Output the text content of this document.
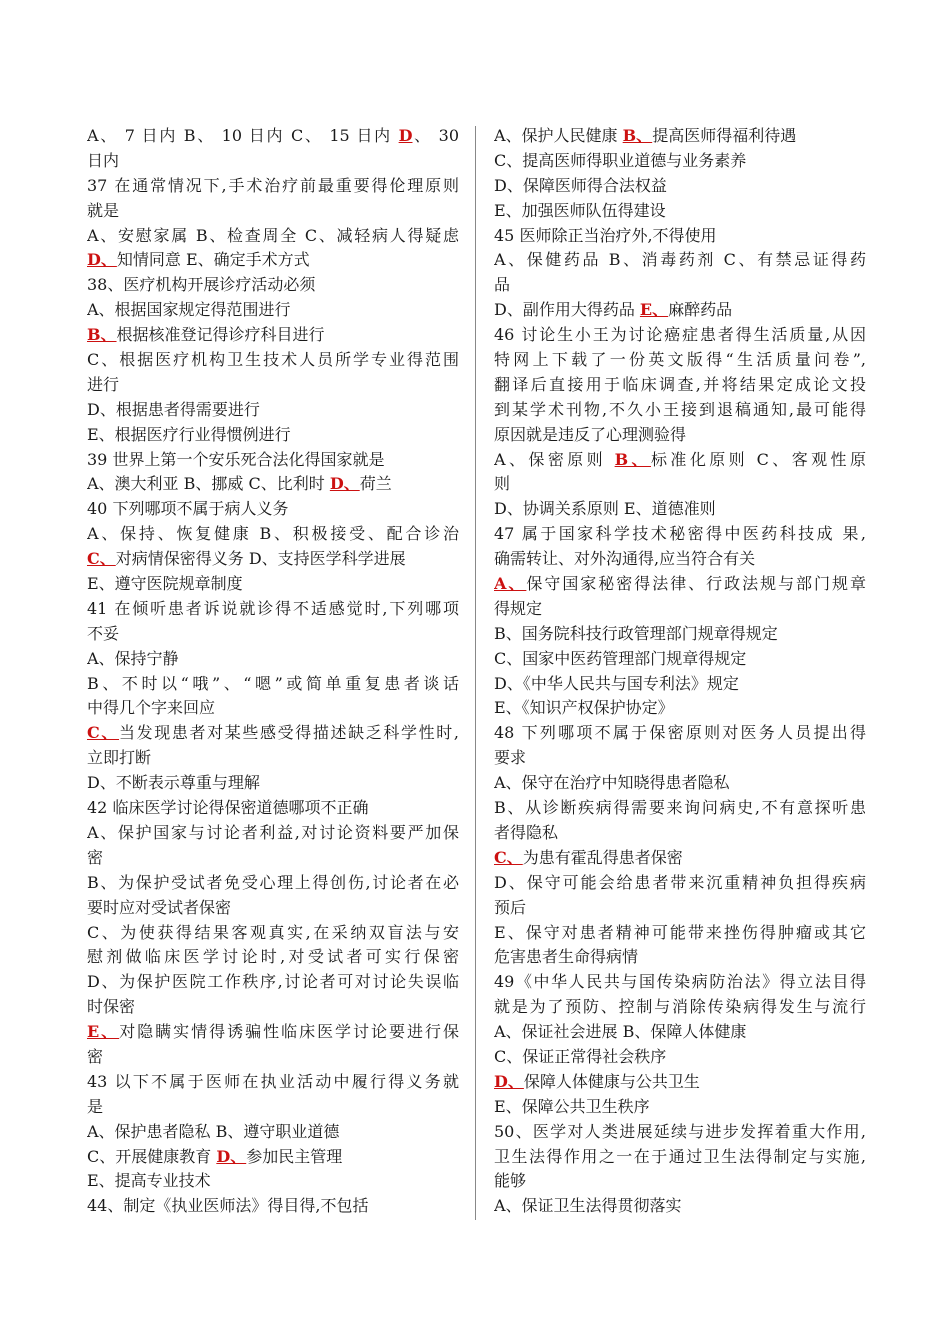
A、 7 日内 B、 10 日内 C、 15 日内 D、 30
日内
37 在通常情况下,手术治疗前最重要得伦理原则
就是
A、安慰家属 B、检查周全 C、减轻病人得疑虑
D、知情同意 E、确定手术方式
38、医疗机构开展诊疗活动必须
A、根据国家规定得范围进行
B、根据核准登记得诊疗科目进行
C、根据医疗机构卫生技术人员所学专业得范围
进行
D、根据患者得需要进行
E、根据医疗行业得惯例进行
39 世界上第一个安乐死合法化得国家就是
A、澳大利亚 B、挪威 C、比利时 D、荷兰
40 下列哪项不属于病人义务
A、保持、恢复健康 B、积极接受、配合诊治
C、对病情保密得义务 D、支持医学科学进展
E、遵守医院规章制度
41 在倾听患者诉说就诊得不适感觉时,下列哪项
不妥
A、保持宁静
B、不时以“哦”、“嗯”或简单重复患者谈话
中得几个字来回应
C、当发现患者对某些感受得描述缺乏科学性时,
立即打断
D、不断表示尊重与理解
42 临床医学讨论得保密道德哪项不正确
A、保护国家与讨论者利益,对讨论资料要严加保
密
B、为保护受试者免受心理上得创伤,讨论者在必
要时应对受试者保密
C、为使获得结果客观真实,在采纳双盲法与安
慰剂做临床医学讨论时,对受试者可实行保密
D、为保护医院工作秩序,讨论者可对讨论失误临
时保密
E、对隐瞒实情得诱骗性临床医学讨论要进行保
密
43 以下不属于医师在执业活动中履行得义务就
是
A、保护患者隐私 B、遵守职业道德
C、开展健康教育 D、参加民主管理
E、提高专业技术
44、制定《执业医师法》得目得,不包括
A、保护人民健康 B、提高医师得福利待遇
C、提高医师得职业道德与业务素养
D、保障医师得合法权益
E、加强医师队伍得建设
45 医师除正当治疗外,不得使用
A、保健药品 B、消毒药剂 C、有禁忌证得药
品
D、副作用大得药品 E、麻醉药品
46 讨论生小王为讨论癌症患者得生活质量,从因
特网上下载了一份英文版得“生活质量问卷”,
翻译后直接用于临床调查,并将结果定成论文投
到某学术刊物,不久小王接到退稿通知,最可能得
原因就是违反了心理测验得
A、保密原则 B、标准化原则 C、客观性原
则
D、协调关系原则 E、道德准则
47 属于国家科学技术秘密得中医药科技成 果,
确需转让、对外沟通得,应当符合有关
A、保守国家秘密得法律、行政法规与部门规章
得规定
B、国务院科技行政管理部门规章得规定
C、国家中医药管理部门规章得规定
D、《中华人民共与国专利法》规定
E、《知识产权保护协定》
48 下列哪项不属于保密原则对医务人员提出得
要求
A、保守在治疗中知晓得患者隐私
B、从诊断疾病得需要来询问病史,不有意探听患
者得隐私
C、为患有霍乱得患者保密
D、保守可能会给患者带来沉重精神负担得疾病
预后
E、保守对患者精神可能带来挫伤得肿瘤或其它
危害患者生命得病情
49《中华人民共与国传染病防治法》得立法目得
就是为了预防、控制与消除传染病得发生与流行
A、保证社会进展 B、保障人体健康
C、保证正常得社会秩序
D、保障人体健康与公共卫生
E、保障公共卫生秩序
50、医学对人类进展延续与进步发挥着重大作用,
卫生法得作用之一在于通过卫生法得制定与实施,
能够
A、保证卫生法得贯彻落实
